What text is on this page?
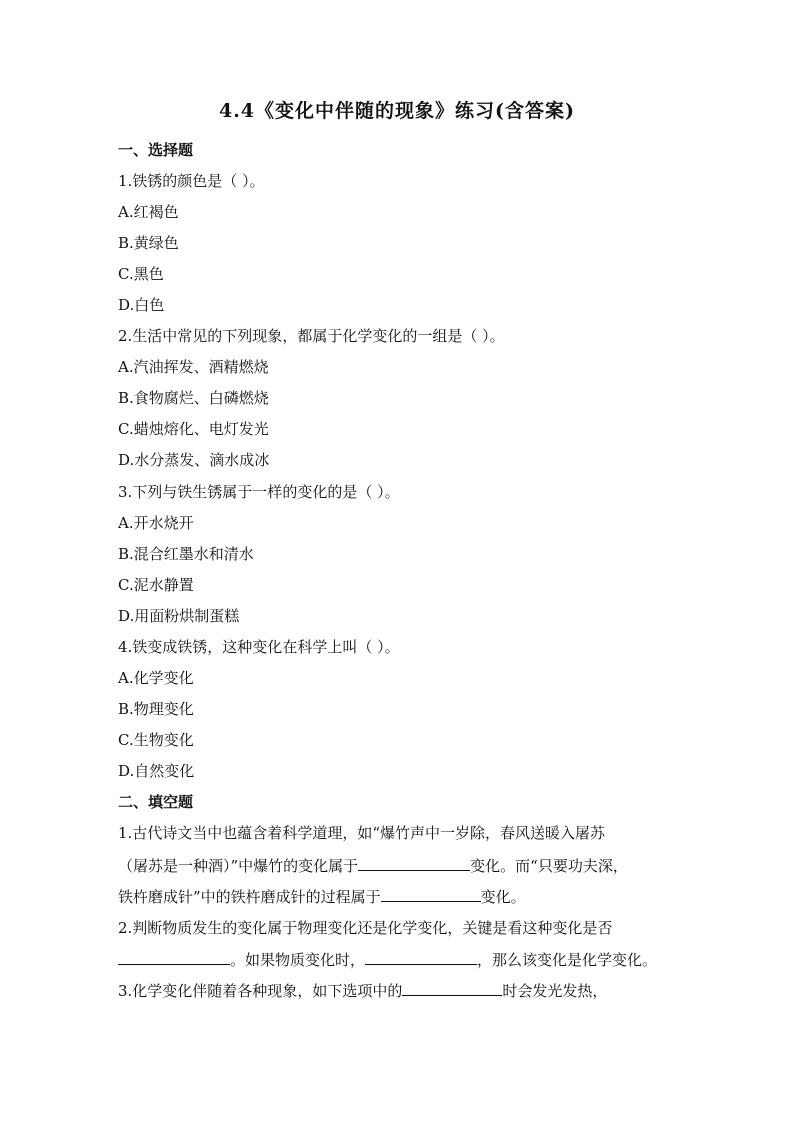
4.4《变化中伴随的现象》练习(含答案)
一、选择题
1.铁锈的颜色是（ ）。
A.红褐色
B.黄绿色
C.黑色
D.白色
2.生活中常见的下列现象，都属于化学变化的一组是（ ）。
A.汽油挥发、酒精燃烧
B.食物腐烂、白磷燃烧
C.蜡烛熔化、电灯发光
D.水分蒸发、滴水成冰
3.下列与铁生锈属于一样的变化的是（ ）。
A.开水烧开
B.混合红墨水和清水
C.泥水静置
D.用面粉烘制蛋糕
4.铁变成铁锈，这种变化在科学上叫（ ）。
A.化学变化
B.物理变化
C.生物变化
D.自然变化
二、填空题
1.古代诗文当中也蕴含着科学道理，如“爆竹声中一岁除，春风送暖入屠苏
（屠苏是一种酒）”中爆竹的变化属于	变化。而“只要功夫深，
铁杵磨成针”中的铁杵磨成针的过程属于	变化。
2.判断物质发生的变化属于物理变化还是化学变化，关键是看这种变化是否
。如果物质变化时，	，那么该变化是化学变化。
3.化学变化伴随着各种现象，如下选项中的	时会发光发热，
